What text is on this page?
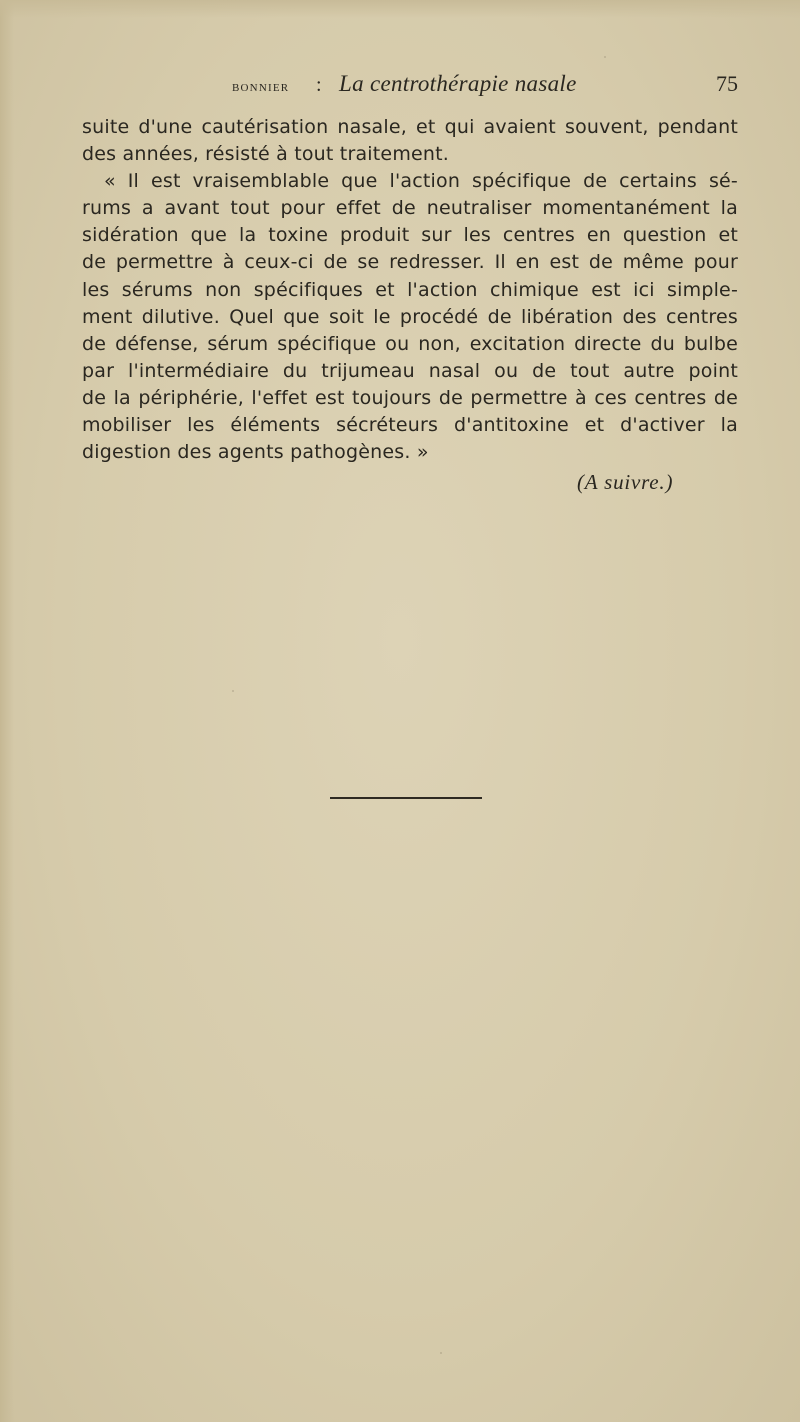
bonnier : La centrothérapie nasale	75
suite d'une cautérisation nasale, et qui avaient souvent, pendant
des années, résisté à tout traitement.
« Il est vraisemblable que l'action spécifique de certains sé-
rums a avant tout pour effet de neutraliser momentanément la
sidération que la toxine produit sur les centres en question et
de permettre à ceux-ci de se redresser. Il en est de même pour
les sérums non spécifiques et l'action chimique est ici simple-
ment dilutive. Quel que soit le procédé de libération des centres
de défense, sérum spécifique ou non, excitation directe du bulbe
par l'intermédiaire du trijumeau nasal ou de tout autre point
de la périphérie, l'effet est toujours de permettre à ces centres de
mobiliser les éléments sécréteurs d'antitoxine et d'activer la
digestion des agents pathogènes. »
(A suivre.)
